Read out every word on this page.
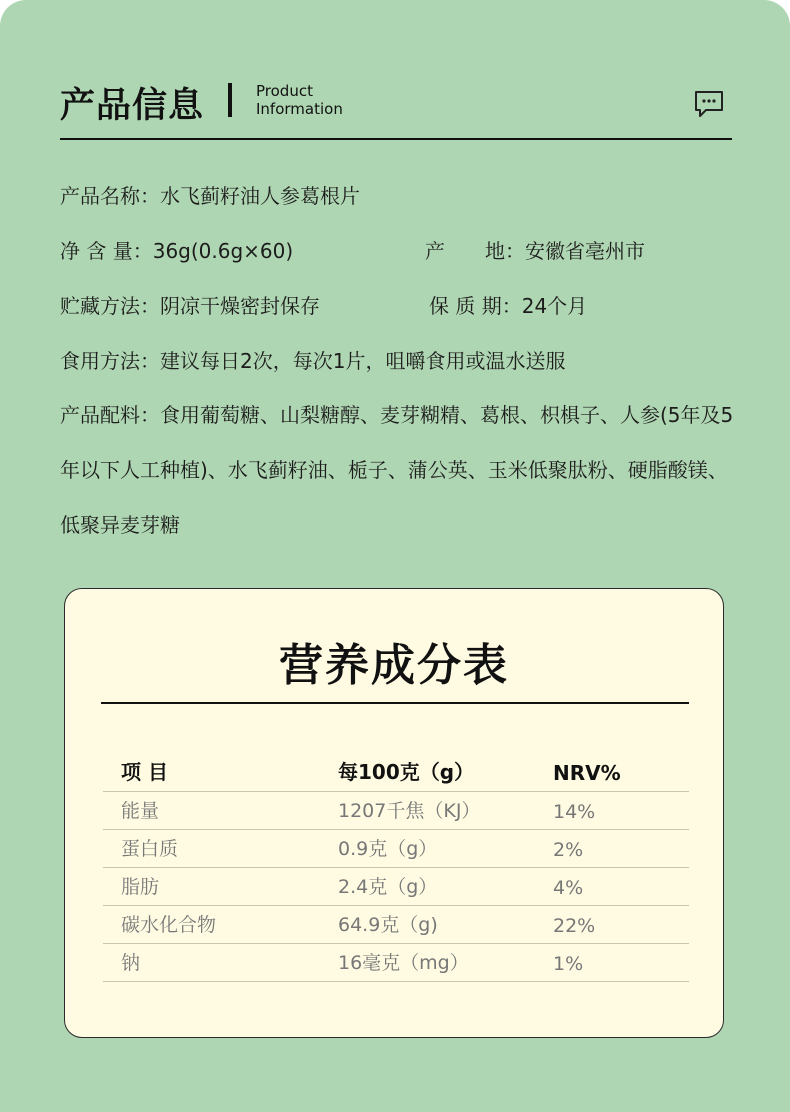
产品信息	Product
Information
产品名称：水飞蓟籽油人参葛根片
净 含 量：36g(0.6g×60)	产　　地：安徽省亳州市
贮藏方法：阴凉干燥密封保存	保 质 期：24个月
食用方法：建议每日2次，每次1片，咀嚼食用或温水送服
产品配料：食用葡萄糖、山梨糖醇、麦芽糊精、葛根、枳椇子、人参(5年及5年以下人工种植)、水飞蓟籽油、栀子、蒲公英、玉米低聚肽粉、硬脂酸镁、低聚异麦芽糖
营养成分表
项 目	每100克（g）	NRV%
能量	1207千焦（KJ）	14%
蛋白质	0.9克（g）	2%
脂肪	2.4克（g）	4%
碳水化合物	64.9克（g)	22%
钠	16毫克（mg）	1%
